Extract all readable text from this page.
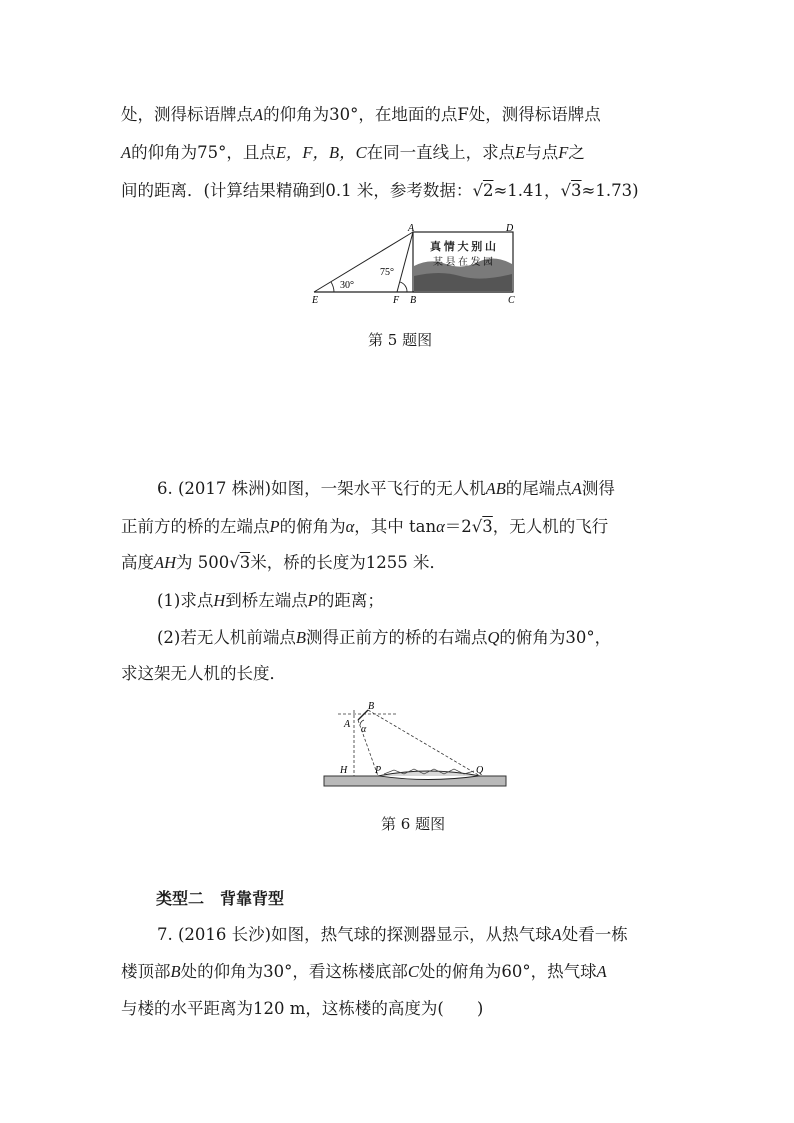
处，测得标语牌点A的仰角为30°，在地面的点F处，测得标语牌点
A的仰角为75°，且点E，F，B，C在同一直线上，求点E与点F之
间的距离．(计算结果精确到0.1 米，参考数据：√2≈1.41，√3≈1.73)
真 情 大 别 山
某 县 在 发 园
A	D
E	F B	C
30°
75°
第 5 题图
6. (2017 株洲)如图，一架水平飞行的无人机AB的尾端点A测得
正前方的桥的左端点P的俯角为α，其中 tanα＝2√3，无人机的飞行
高度AH为 500√3米，桥的长度为1255 米．
(1)求点H到桥左端点P的距离；
(2)若无人机前端点B测得正前方的桥的右端点Q的俯角为30°，
求这架无人机的长度．
B
A α
H	P	Q
第 6 题图
类型二　背靠背型
7. (2016 长沙)如图，热气球的探测器显示，从热气球A处看一栋
楼顶部B处的仰角为30°，看这栋楼底部C处的俯角为60°，热气球A
与楼的水平距离为120 m，这栋楼的高度为(　　)
